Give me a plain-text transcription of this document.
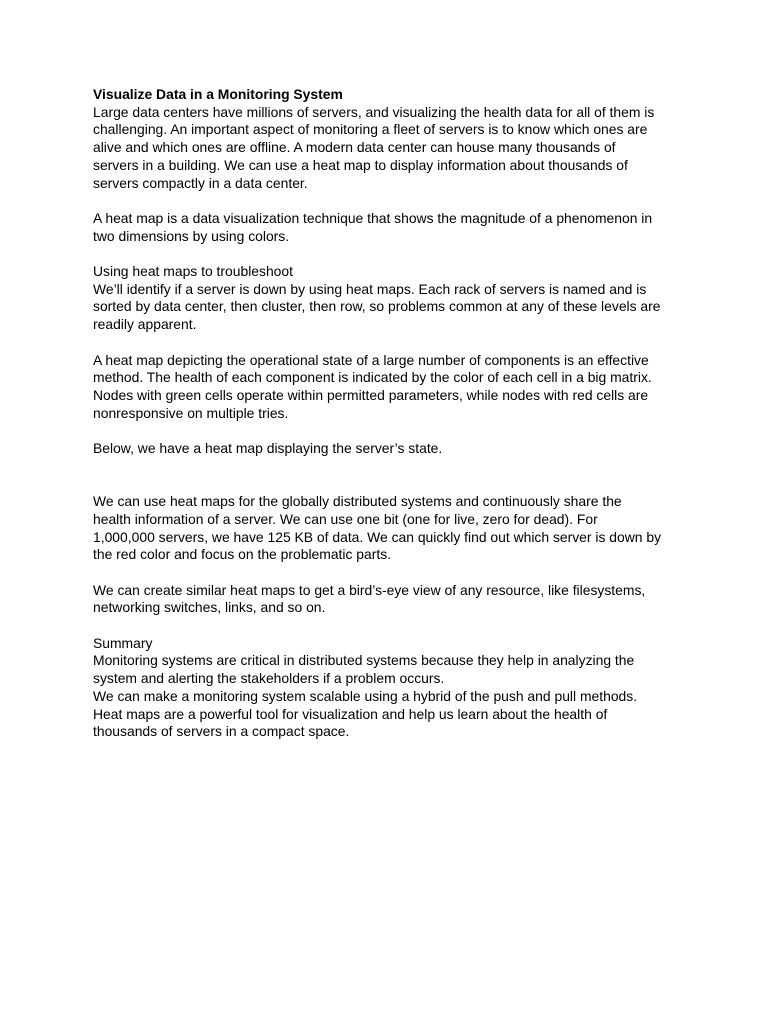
Visualize Data in a Monitoring System
Large data centers have millions of servers, and visualizing the health data for all of them is
challenging. An important aspect of monitoring a fleet of servers is to know which ones are
alive and which ones are offline. A modern data center can house many thousands of
servers in a building. We can use a heat map to display information about thousands of
servers compactly in a data center.
A heat map is a data visualization technique that shows the magnitude of a phenomenon in
two dimensions by using colors.
Using heat maps to troubleshoot
We’ll identify if a server is down by using heat maps. Each rack of servers is named and is
sorted by data center, then cluster, then row, so problems common at any of these levels are
readily apparent.
A heat map depicting the operational state of a large number of components is an effective
method. The health of each component is indicated by the color of each cell in a big matrix.
Nodes with green cells operate within permitted parameters, while nodes with red cells are
nonresponsive on multiple tries.
Below, we have a heat map displaying the server’s state.
We can use heat maps for the globally distributed systems and continuously share the
health information of a server. We can use one bit (one for live, zero for dead). For
1,000,000 servers, we have 125 KB of data. We can quickly find out which server is down by
the red color and focus on the problematic parts.
We can create similar heat maps to get a bird’s-eye view of any resource, like filesystems,
networking switches, links, and so on.
Summary
Monitoring systems are critical in distributed systems because they help in analyzing the
system and alerting the stakeholders if a problem occurs.
We can make a monitoring system scalable using a hybrid of the push and pull methods.
Heat maps are a powerful tool for visualization and help us learn about the health of
thousands of servers in a compact space.
